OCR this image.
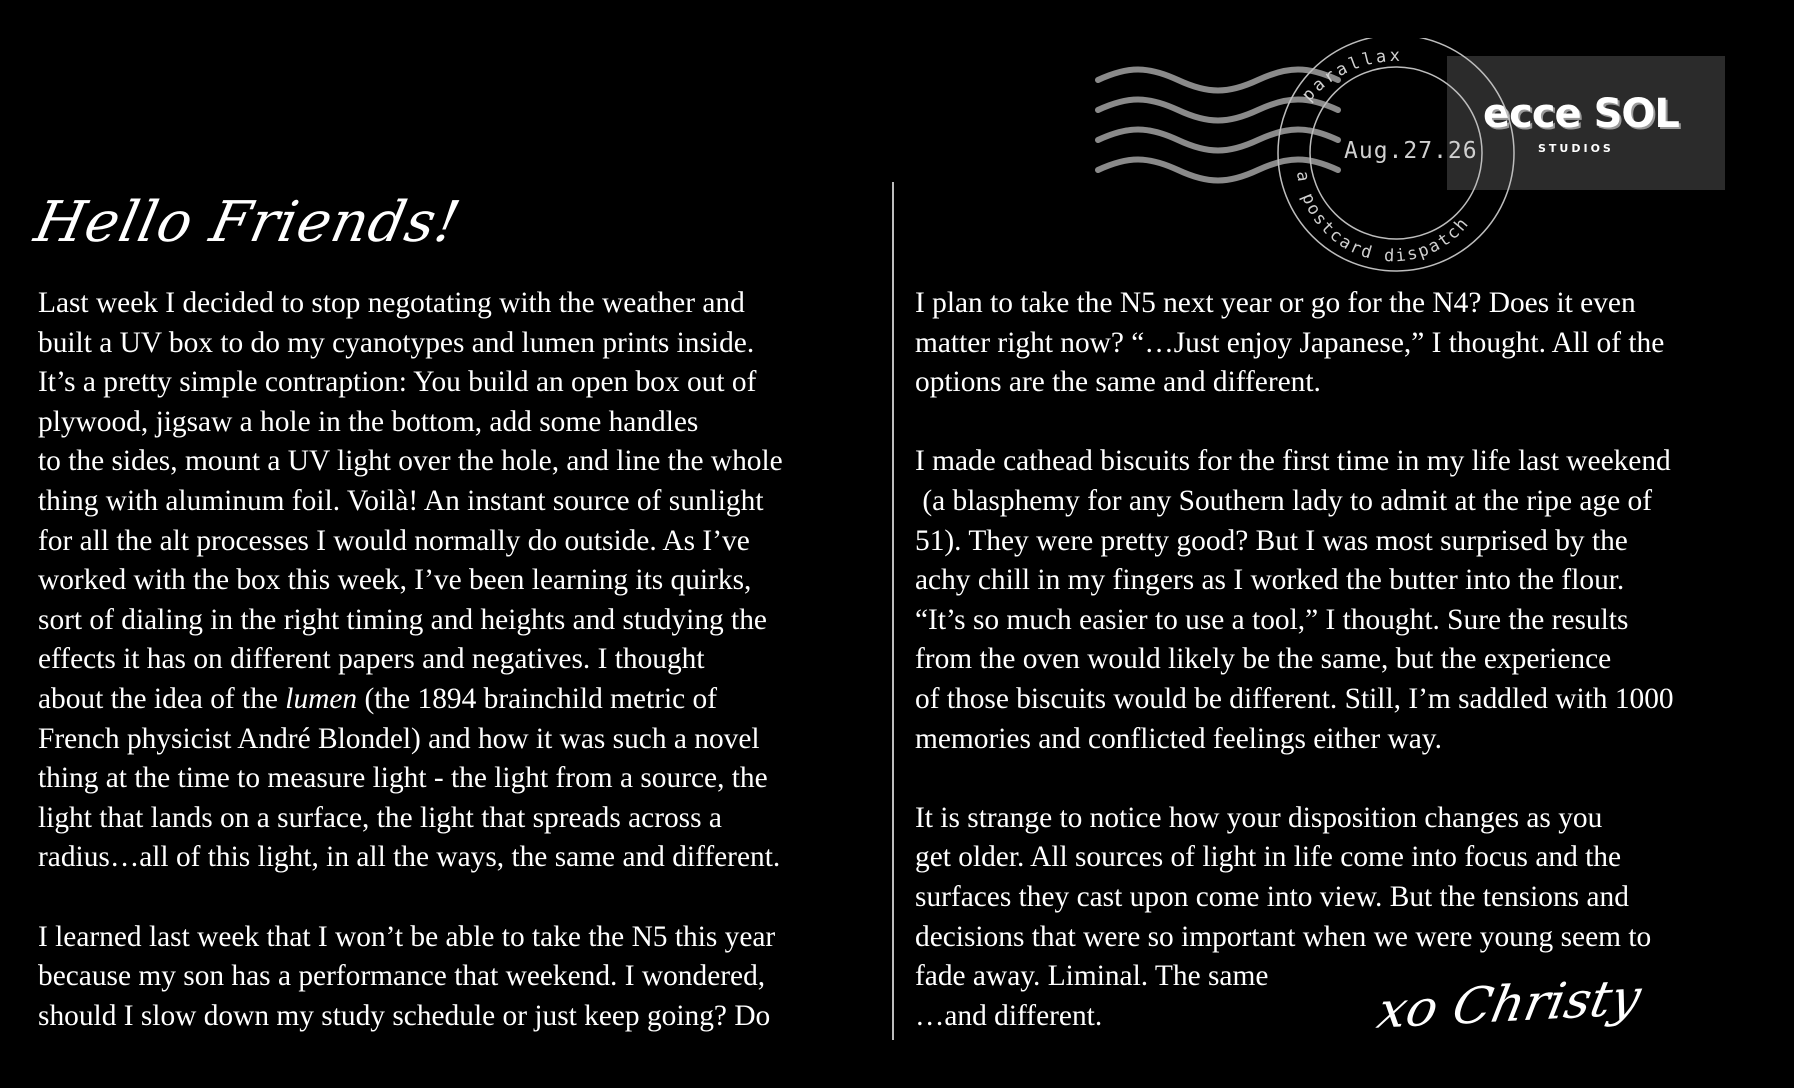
Hello Friends!

Last week I decided to stop negotating with the weather and
built a UV box to do my cyanotypes and lumen prints inside.
It’s a pretty simple contraption: You build an open box out of
plywood, jigsaw a hole in the bottom, add some handles
to the sides, mount a UV light over the hole, and line the whole
thing with aluminum foil. Voilà! An instant source of sunlight
for all the alt processes I would normally do outside. As I’ve
worked with the box this week, I’ve been learning its quirks,
sort of dialing in the right timing and heights and studying the
effects it has on different papers and negatives. I thought
about the idea of the lumen (the 1894 brainchild metric of
French physicist André Blondel) and how it was such a novel
thing at the time to measure light - the light from a source, the
light that lands on a surface, the light that spreads across a
radius…all of this light, in all the ways, the same and different.

I learned last week that I won’t be able to take the N5 this year
because my son has a performance that weekend. I wondered,
should I slow down my study schedule or just keep going? Do

I plan to take the N5 next year or go for the N4? Does it even
matter right now? “…Just enjoy Japanese,” I thought. All of the
options are the same and different.

I made cathead biscuits for the first time in my life last weekend
(a blasphemy for any Southern lady to admit at the ripe age of
51). They were pretty good? But I was most surprised by the
achy chill in my fingers as I worked the butter into the flour.
“It’s so much easier to use a tool,” I thought. Sure the results
from the oven would likely be the same, but the experience
of those biscuits would be different. Still, I’m saddled with 1000
memories and conflicted feelings either way.

It is strange to notice how your disposition changes as you
get older. All sources of light in life come into focus and the
surfaces they cast upon come into view. But the tensions and
decisions that were so important when we were young seem to
fade away. Liminal. The same
…and different.	xo Christy
ecce SOL
STUDIOS
parallax
a postcard dispatch
Aug.27.26
